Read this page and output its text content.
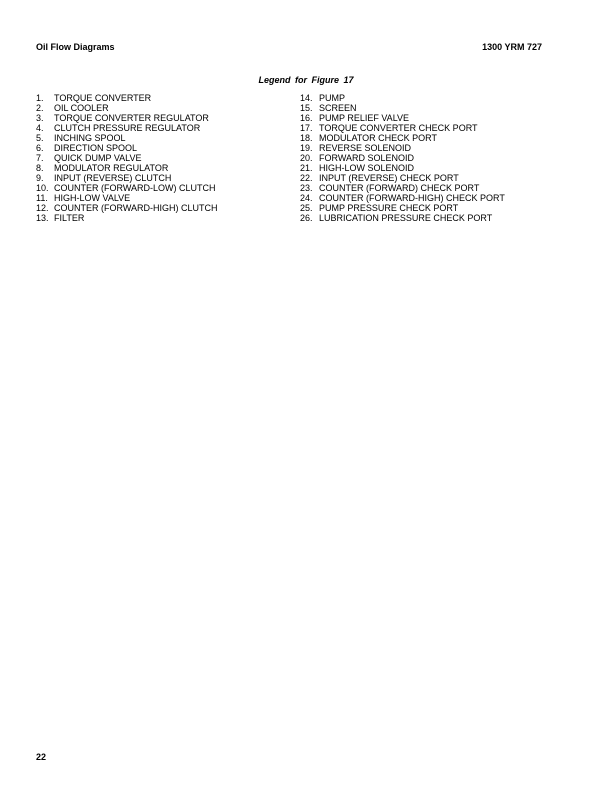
Oil Flow Diagrams	1300 YRM 727
Legend for Figure 17
1.	TORQUE CONVERTER
2.	OIL COOLER
3.	TORQUE CONVERTER REGULATOR
4.	CLUTCH PRESSURE REGULATOR
5.	INCHING SPOOL
6.	DIRECTION SPOOL
7.	QUICK DUMP VALVE
8.	MODULATOR REGULATOR
9.	INPUT (REVERSE) CLUTCH
10. COUNTER (FORWARD-LOW) CLUTCH
11. HIGH-LOW VALVE
12. COUNTER (FORWARD-HIGH) CLUTCH
13. FILTER
14. PUMP
15. SCREEN
16. PUMP RELIEF VALVE
17. TORQUE CONVERTER CHECK PORT
18. MODULATOR CHECK PORT
19. REVERSE SOLENOID
20. FORWARD SOLENOID
21. HIGH-LOW SOLENOID
22. INPUT (REVERSE) CHECK PORT
23. COUNTER (FORWARD) CHECK PORT
24. COUNTER (FORWARD-HIGH) CHECK PORT
25. PUMP PRESSURE CHECK PORT
26. LUBRICATION PRESSURE CHECK PORT
22
